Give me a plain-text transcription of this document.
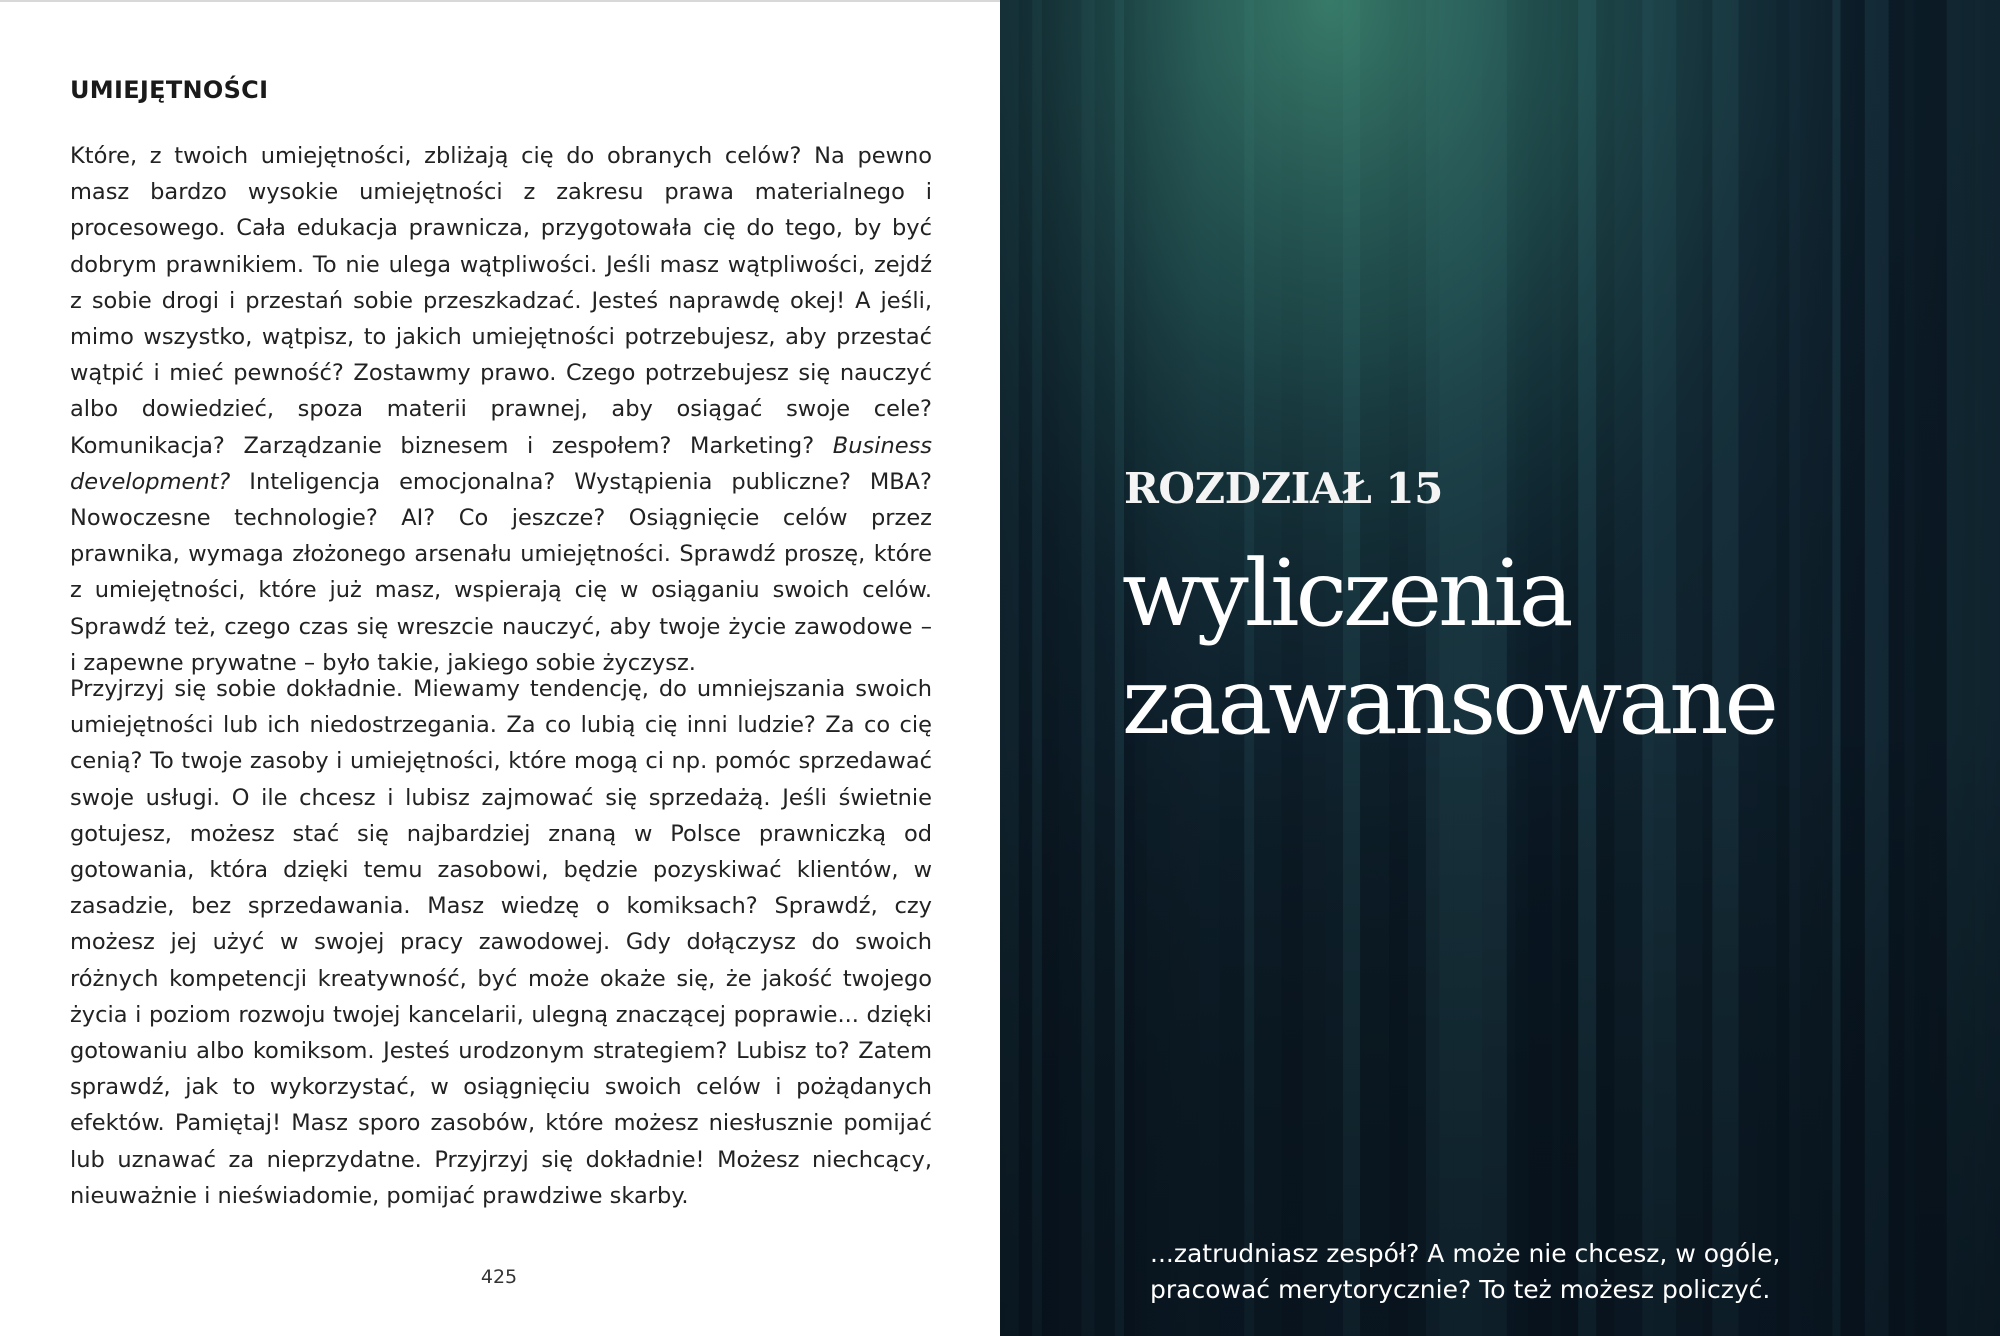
UMIEJĘTNOŚCI

Które, z twoich umiejętności, zbliżają cię do obranych celów? Na pewno masz bardzo wysokie umiejętności z zakresu prawa materialnego i procesowego. Cała edukacja prawnicza, przygotowała cię do tego, by być dobrym prawnikiem. To nie ulega wątpliwości. Jeśli masz wątpliwości, zejdź z sobie drogi i przestań sobie przeszkadzać. Jesteś naprawdę okej! A jeśli, mimo wszystko, wątpisz, to jakich umiejętności potrzebujesz, aby przestać wątpić i mieć pewność? Zostawmy prawo. Czego potrzebujesz się nauczyć albo dowiedzieć, spoza materii prawnej, aby osiągać swoje cele? Komunikacja? Zarządzanie biznesem i zespołem? Marketing? Business development? Inteligencja emocjonalna? Wystąpienia publiczne? MBA? Nowoczesne technologie? AI? Co jeszcze? Osiągnięcie celów przez prawnika, wymaga złożonego arsenału umiejętności. Sprawdź proszę, które z umiejętności, które już masz, wspierają cię w osiąganiu swoich celów. Sprawdź też, czego czas się wreszcie nauczyć, aby twoje życie zawodowe – i zapewne prywatne – było takie, jakiego sobie życzysz.

Przyjrzyj się sobie dokładnie. Miewamy tendencję, do umniejszania swoich umiejętności lub ich niedostrzegania. Za co lubią cię inni ludzie? Za co cię cenią? To twoje zasoby i umiejętności, które mogą ci np. pomóc sprzedawać swoje usługi. O ile chcesz i lubisz zajmować się sprzedażą. Jeśli świetnie gotujesz, możesz stać się najbardziej znaną w Polsce prawniczką od gotowania, która dzięki temu zasobowi, będzie pozyskiwać klientów, w zasadzie, bez sprzedawania. Masz wiedzę o komiksach? Sprawdź, czy możesz jej użyć w swojej pracy zawodowej. Gdy dołączysz do swoich różnych kompetencji kreatywność, być może okaże się, że jakość twojego życia i poziom rozwoju twojej kancelarii, ulegną znaczącej poprawie... dzięki gotowaniu albo komiksom. Jesteś urodzonym strategiem? Lubisz to? Zatem sprawdź, jak to wykorzystać, w osiągnięciu swoich celów i pożądanych efektów. Pamiętaj! Masz sporo zasobów, które możesz niesłusznie pomijać lub uznawać za nieprzydatne. Przyjrzyj się dokładnie! Możesz niechcący, nieuważnie i nieświadomie, pomijać prawdziwe skarby.

425
ROZDZIAŁ 15
wyliczenia
zaawansowane
...zatrudniasz zespół? A może nie chcesz, w ogóle,
pracować merytorycznie? To też możesz policzyć.
